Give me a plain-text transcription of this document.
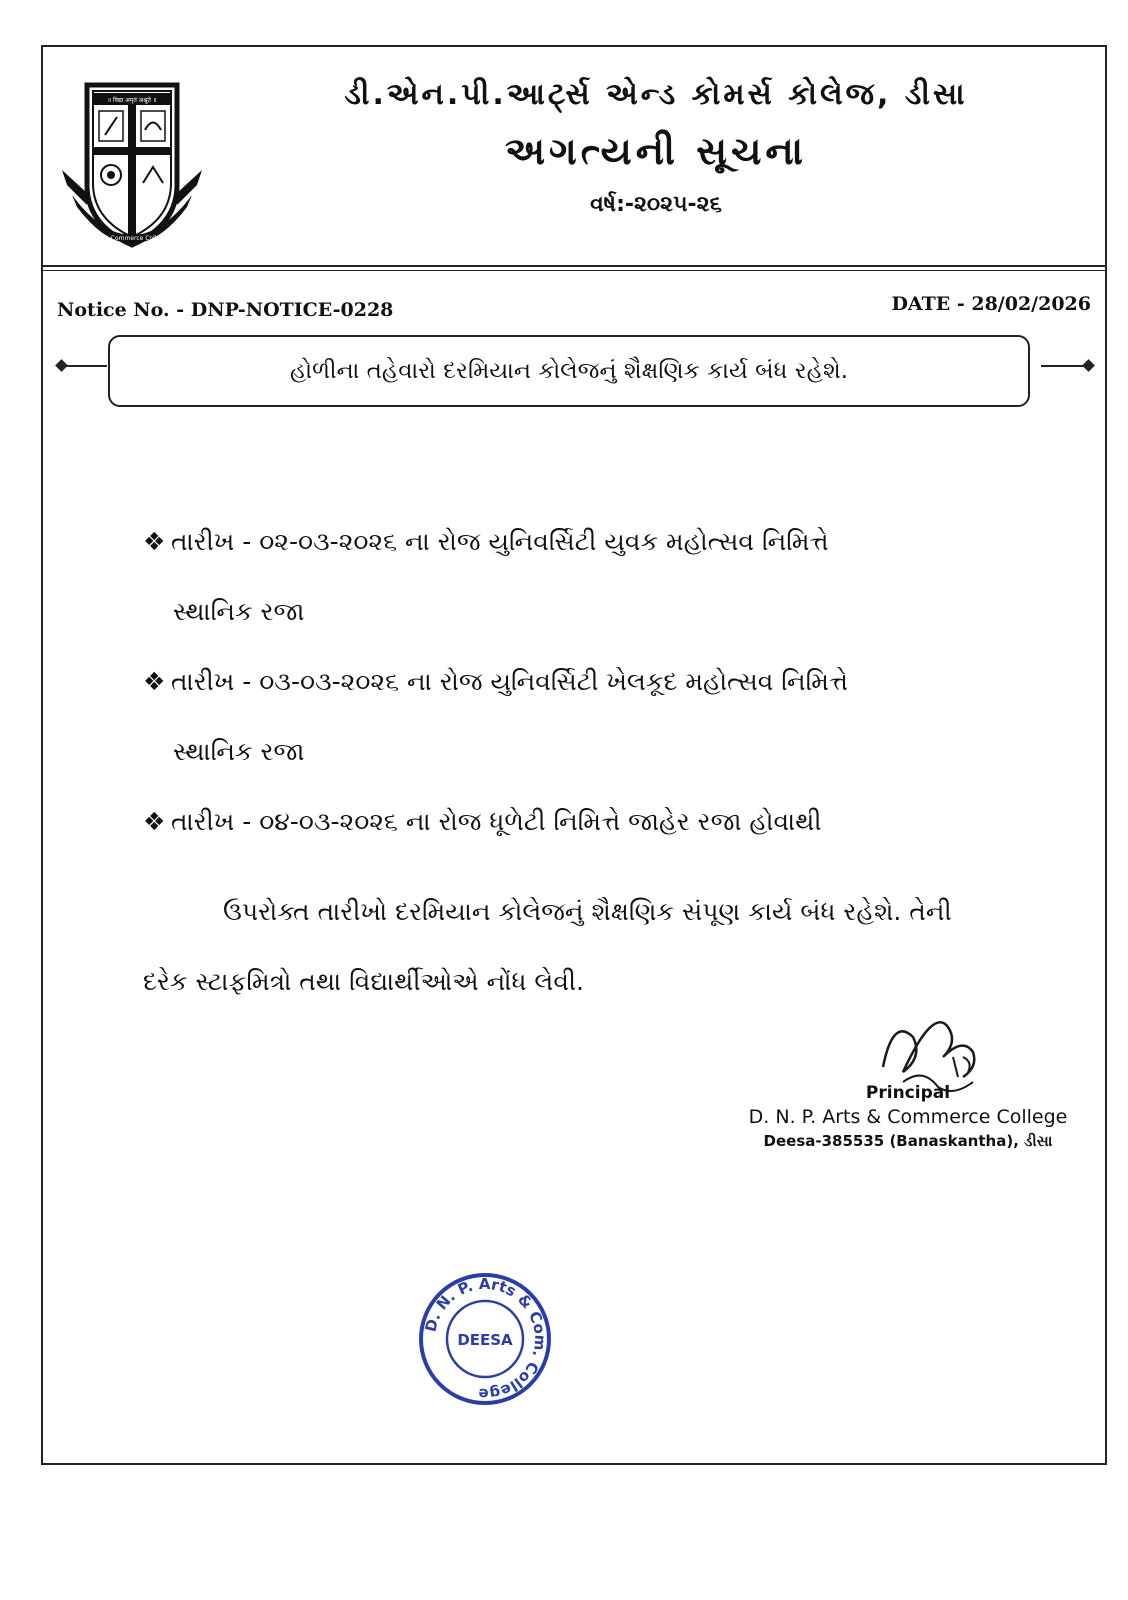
॥ विद्या अमृतं अश्नुते ॥
DNP Arts & Commerce College Deesa
ડી.એન.પી.આર્ટ્સ એન્ડ કોમર્સ કોલેજ, ડીસા
અગત્યની સૂચના
વર્ષ:-૨૦૨૫-૨૬
Notice No. - DNP-NOTICE-0228	DATE - 28/02/2026
હોળીના તહેવારો દરમિયાન કોલેજનું શૈક્ષણિક કાર્ય બંધ રહેશે.
❖ તારીખ - ૦૨-૦૩-૨૦૨૬ ના રોજ યુનિવર્સિટી યુવક મહોત્સવ નિમિત્તે
સ્થાનિક રજા
❖ તારીખ - ૦૩-૦૩-૨૦૨૬ ના રોજ યુનિવર્સિટી ખેલકૂદ મહોત્સવ નિમિત્તે
સ્થાનિક રજા
❖ તારીખ - ૦૪-૦૩-૨૦૨૬ ના રોજ ધૂળેટી નિમિત્તે જાહેર રજા હોવાથી
ઉપરોક્ત તારીખો દરમિયાન કોલેજનું શૈક્ષણિક સંપૂણ કાર્ય બંધ રહેશે. તેની
દરેક સ્ટાફમિત્રો તથા વિદ્યાર્થીઓએ નોંધ લેવી.
Principal
D. N. P. Arts & Commerce College
Deesa-385535 (Banaskantha), ડીસા
D. N. P. Arts & Com. College
DEESA
